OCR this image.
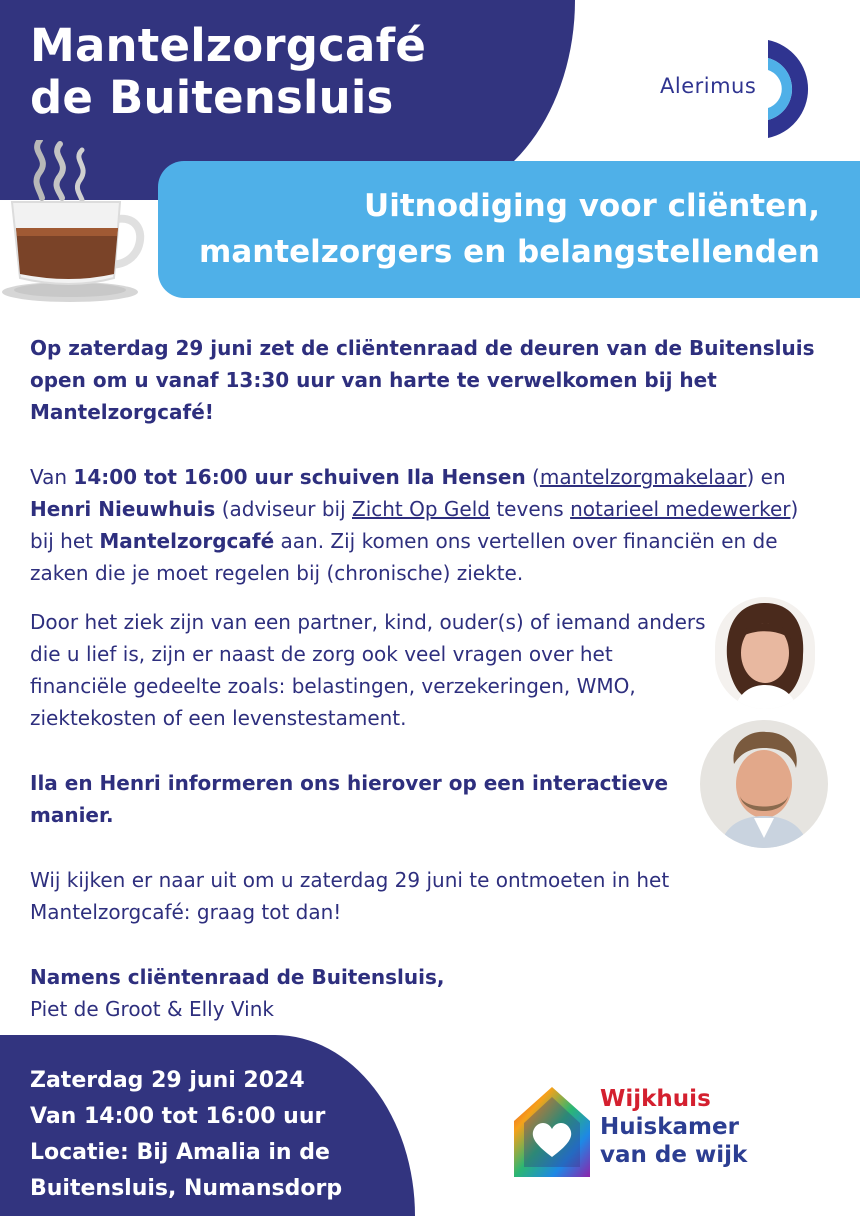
Mantelzorgcafé
de Buitensluis	Alerimus
Uitnodiging voor cliënten,
mantelzorgers en belangstellenden

Op zaterdag 29 juni zet de cliëntenraad de deuren van de Buitensluis open om u vanaf 13:30 uur van harte te verwelkomen bij het Mantelzorgcafé!

Van 14:00 tot 16:00 uur schuiven Ila Hensen (mantelzorgmakelaar) en Henri Nieuwhuis (adviseur bij Zicht Op Geld tevens notarieel medewerker) bij het Mantelzorgcafé aan. Zij komen ons vertellen over financiën en de zaken die je moet regelen bij (chronische) ziekte.

Door het ziek zijn van een partner, kind, ouder(s) of iemand anders die u lief is, zijn er naast de zorg ook veel vragen over het financiële gedeelte zoals: belastingen, verzekeringen, WMO, ziektekosten of een levenstestament.

Ila en Henri informeren ons hierover op een interactieve manier.

Wij kijken er naar uit om u zaterdag 29 juni te ontmoeten in het Mantelzorgcafé: graag tot dan!

Namens cliëntenraad de Buitensluis,
Piet de Groot & Elly Vink

Zaterdag 29 juni 2024
Van 14:00 tot 16:00 uur
Locatie: Bij Amalia in de
Buitensluis, Numansdorp

Wijkhuis
Huiskamer
van de wijk
